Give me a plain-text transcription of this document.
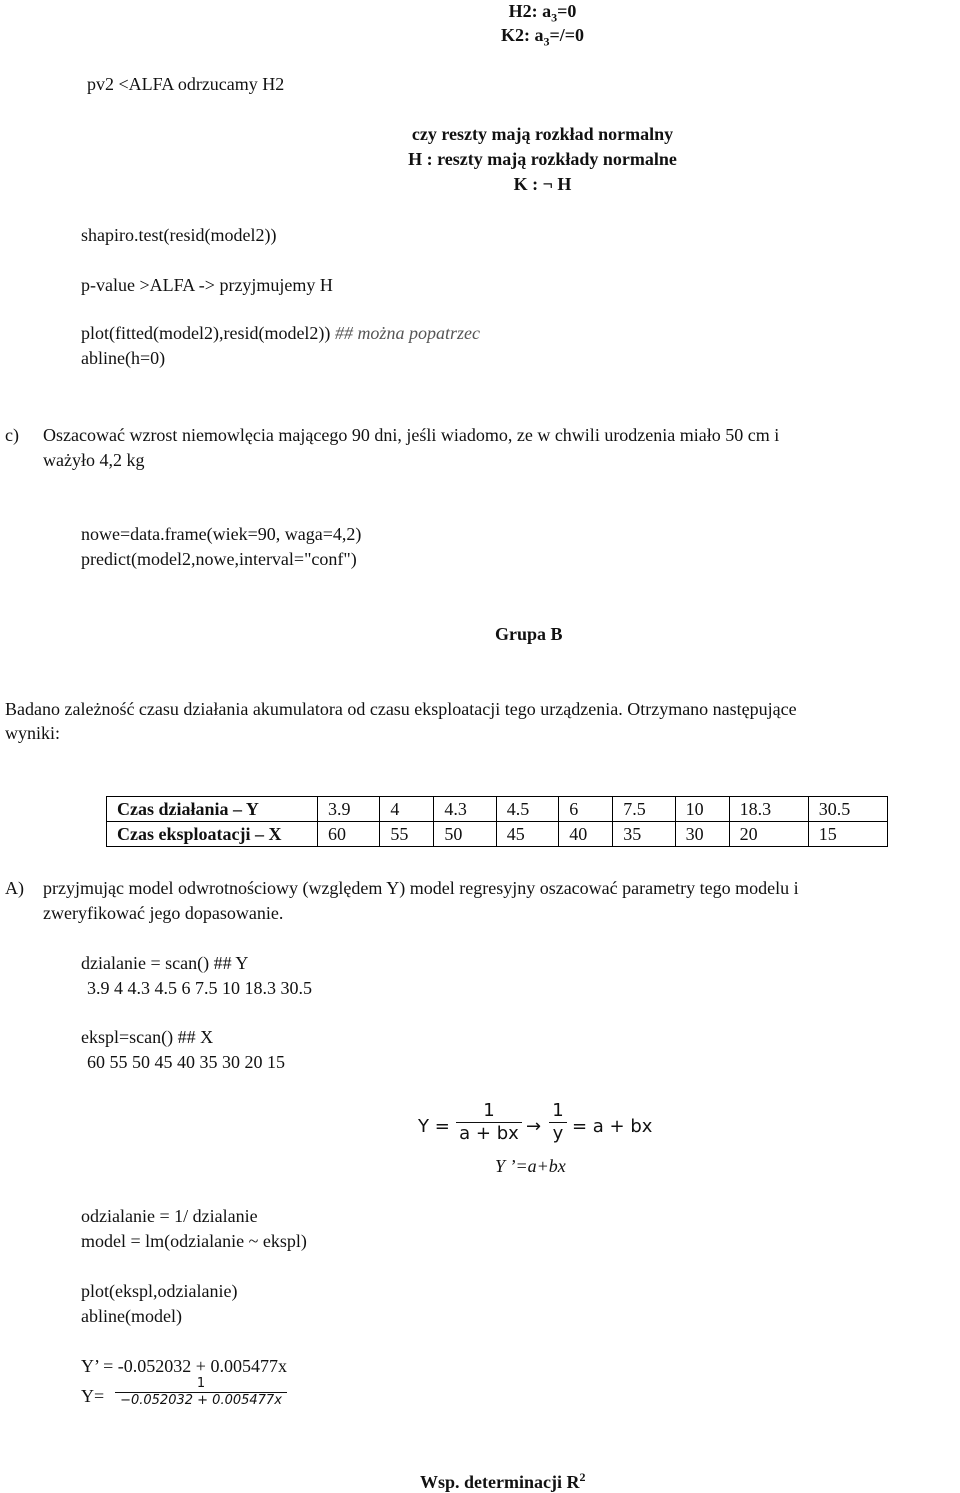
H2: $a_3=0$
K2: $a_3=/=0$
pv2 <ALFA odrzucamy H2
czy reszty mają rozkład normalny
H : reszty mają rozkłady normalne
K : ¬ H
shapiro.test(resid(model2))
p-value >ALFA -> przyjmujemy H
plot(fitted(model2),resid(model2)) ## można popatrzec
abline(h=0)
c) Oszacować wzrost niemowlęcia mającego 90 dni, jeśli wiadomo, ze w chwili urodzenia miało 50 cm i
ważyło 4,2 kg
nowe=data.frame(wiek=90, waga=4,2)
predict(model2,nowe,interval="conf")
Grupa B
Badano zależność czasu działania akumulatora od czasu eksploatacji tego urządzenia. Otrzymano następujące
wyniki:
Czas działania – Y	3.9	4	4.3	4.5	6	7.5	10	18.3	30.5
Czas eksploatacji – X	60	55	50	45	40	35	30	20	15
A) przyjmując model odwrotnościowy (względem Y) model regresyjny oszacować parametry tego modelu i
zweryfikować jego dopasowanie.
dzialanie = scan() ## Y
3.9 4 4.3 4.5 6 7.5 10 18.3 30.5
ekspl=scan() ## X
60 55 50 45 40 35 30 20 15
$Y = \frac{1}{a + bx} \to \frac{1}{y} = a$ + bx
Y ’=a+bx
odzialanie = 1/ dzialanie
model = lm(odzialanie ~ ekspl)
plot(ekspl,odzialanie)
abline(model)
Y’ = -0.052032 + 0.005477x
$Y= \frac{1}{-0.052032 + 0.005477x}$
Wsp. determinacji $R^2$
